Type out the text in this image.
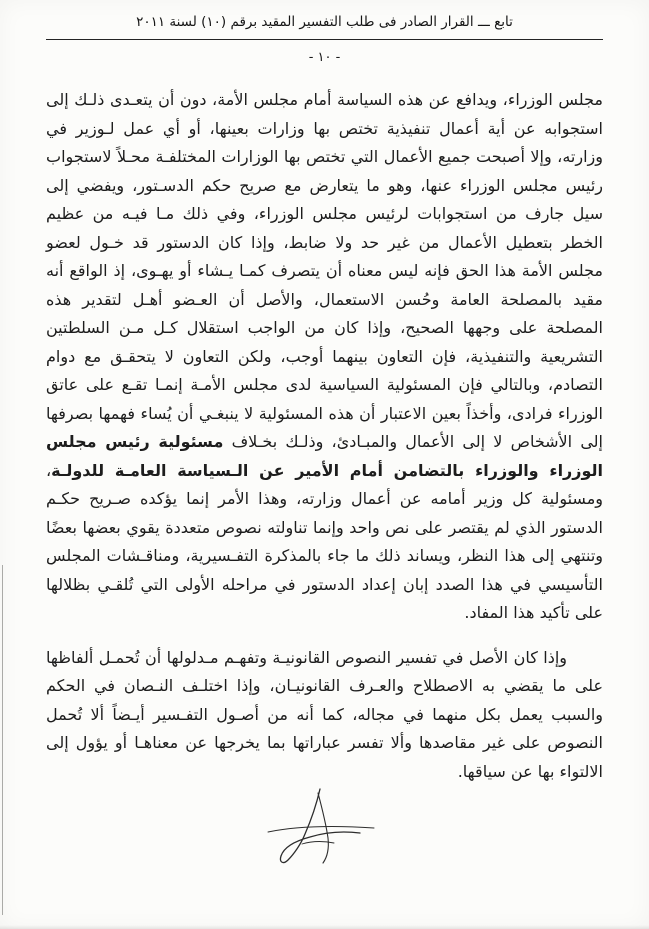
تابع ـــ القرار الصادر فى طلب التفسير المقيد برقم (١٠) لسنة ٢٠١١
- ١٠ -

مجلس الوزراء، ويدافع عن هذه السياسة أمام مجلس الأمة، دون أن يتعـدى ذلـك إلى استجوابه عن أية أعمال تنفيذية تختص بها وزارات بعينها، أو أي عمل لـوزير في وزارته، وإلا أصبحت جميع الأعمال التي تختص بها الوزارات المختلفـة محـلاً لاستجواب رئيس مجلس الوزراء عنها، وهو ما يتعارض مع صريح حكم الدسـتور، ويفضي إلى سيل جارف من استجوابات لرئيس مجلس الوزراء، وفي ذلك مـا فيـه من عظيم الخطر بتعطيل الأعمال من غير حد ولا ضابط، وإذا كان الدستور قد خـول لعضو مجلس الأمة هذا الحق فإنه ليس معناه أن يتصرف كمـا يـشاء أو يهـوى، إذ الواقع أنه مقيد بالمصلحة العامة وحُسن الاستعمال، والأصل أن العـضو أهـل لتقدير هذه المصلحة على وجهها الصحيح، وإذا كان من الواجب استقلال كـل مـن السلطتين التشريعية والتنفيذية، فإن التعاون بينهما أوجب، ولكن التعاون لا يتحقـق مع دوام التصادم، وبالتالي فإن المسئولية السياسية لدى مجلس الأمـة إنمـا تقـع على عاتق الوزراء فرادى، وأخذاً بعين الاعتبار أن هذه المسئولية لا ينبغـي أن يُساء فهمها بصرفها إلى الأشخاص لا إلى الأعمال والمبـادئ، وذلـك بخـلاف مسئولية رئيس مجلس الوزراء والوزراء بالتضامن أمام الأمير عن الـسياسة العامـة للدولـة، ومسئولية كل وزير أمامه عن أعمال وزارته، وهذا الأمر إنما يؤكده صـريح حكـم الدستور الذي لم يقتصر على نص واحد وإنما تناولته نصوص متعددة يقوي بعضها بعضًا وتنتهي إلى هذا النظر، ويساند ذلك ما جاء بالمذكرة التفـسيرية، ومناقـشات المجلس التأسيسي في هذا الصدد إبان إعداد الدستور في مراحله الأولى التي تُلقـي بظلالها على تأكيد هذا المفاد.

وإذا كان الأصل في تفسير النصوص القانونيـة وتفهـم مـدلولها أن تُحمـل ألفاظها على ما يقضي به الاصطلاح والعـرف القانونيـان، وإذا اختلـف النـصان في الحكم والسبب يعمل بكل منهما في مجاله، كما أنه من أصـول التفـسير أيـضاً ألا تُحمل النصوص على غير مقاصدها وألا تفسر عباراتها بما يخرجها عن معناهـا أو يؤول إلى الالتواء بها عن سياقها.
